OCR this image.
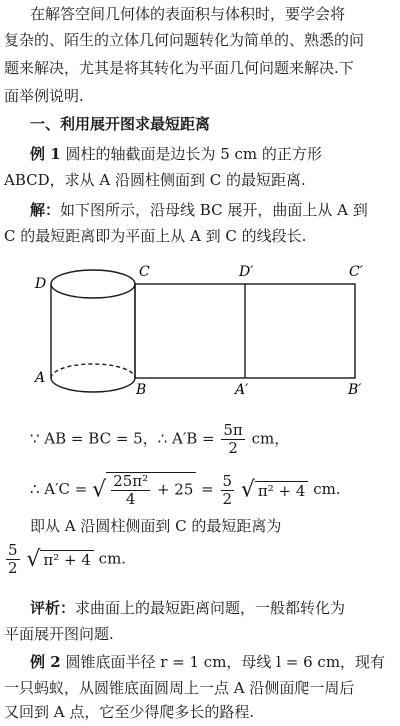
在解答空间几何体的表面积与体积时，要学会将
复杂的、陌生的立体几何问题转化为简单的、熟悉的问
题来解决，尤其是将其转化为平面几何问题来解决.下
面举例说明.
一、利用展开图求最短距离
例 1 圆柱的轴截面是边长为 5 cm 的正方形
ABCD，求从 A 沿圆柱侧面到 C 的最短距离.
解：如下图所示，沿母线 BC 展开，曲面上从 A 到
C 的最短距离即为平面上从 A 到 C 的线段长.
D
C
A
B
D′	C′
A′	B′
∵ AB = BC = 5，∴ $A'B = \frac{5\pi}{2}$ cm，
∴ A′C = √ $\frac{\text{25π²}}{4} + 25 = \frac{5}{2}$ √ π² + 4 cm.
即从 A 沿圆柱侧面到 C 的最短距离为
$\frac{5}{2}$ √ π² + 4 cm.
评析：求曲面上的最短距离问题，一般都转化为
平面展开图问题.
例 2 圆锥底面半径 r = 1 cm，母线 l = 6 cm，现有
一只蚂蚁，从圆锥底面圆周上一点 A 沿侧面爬一周后
又回到 A 点，它至少得爬多长的路程.
